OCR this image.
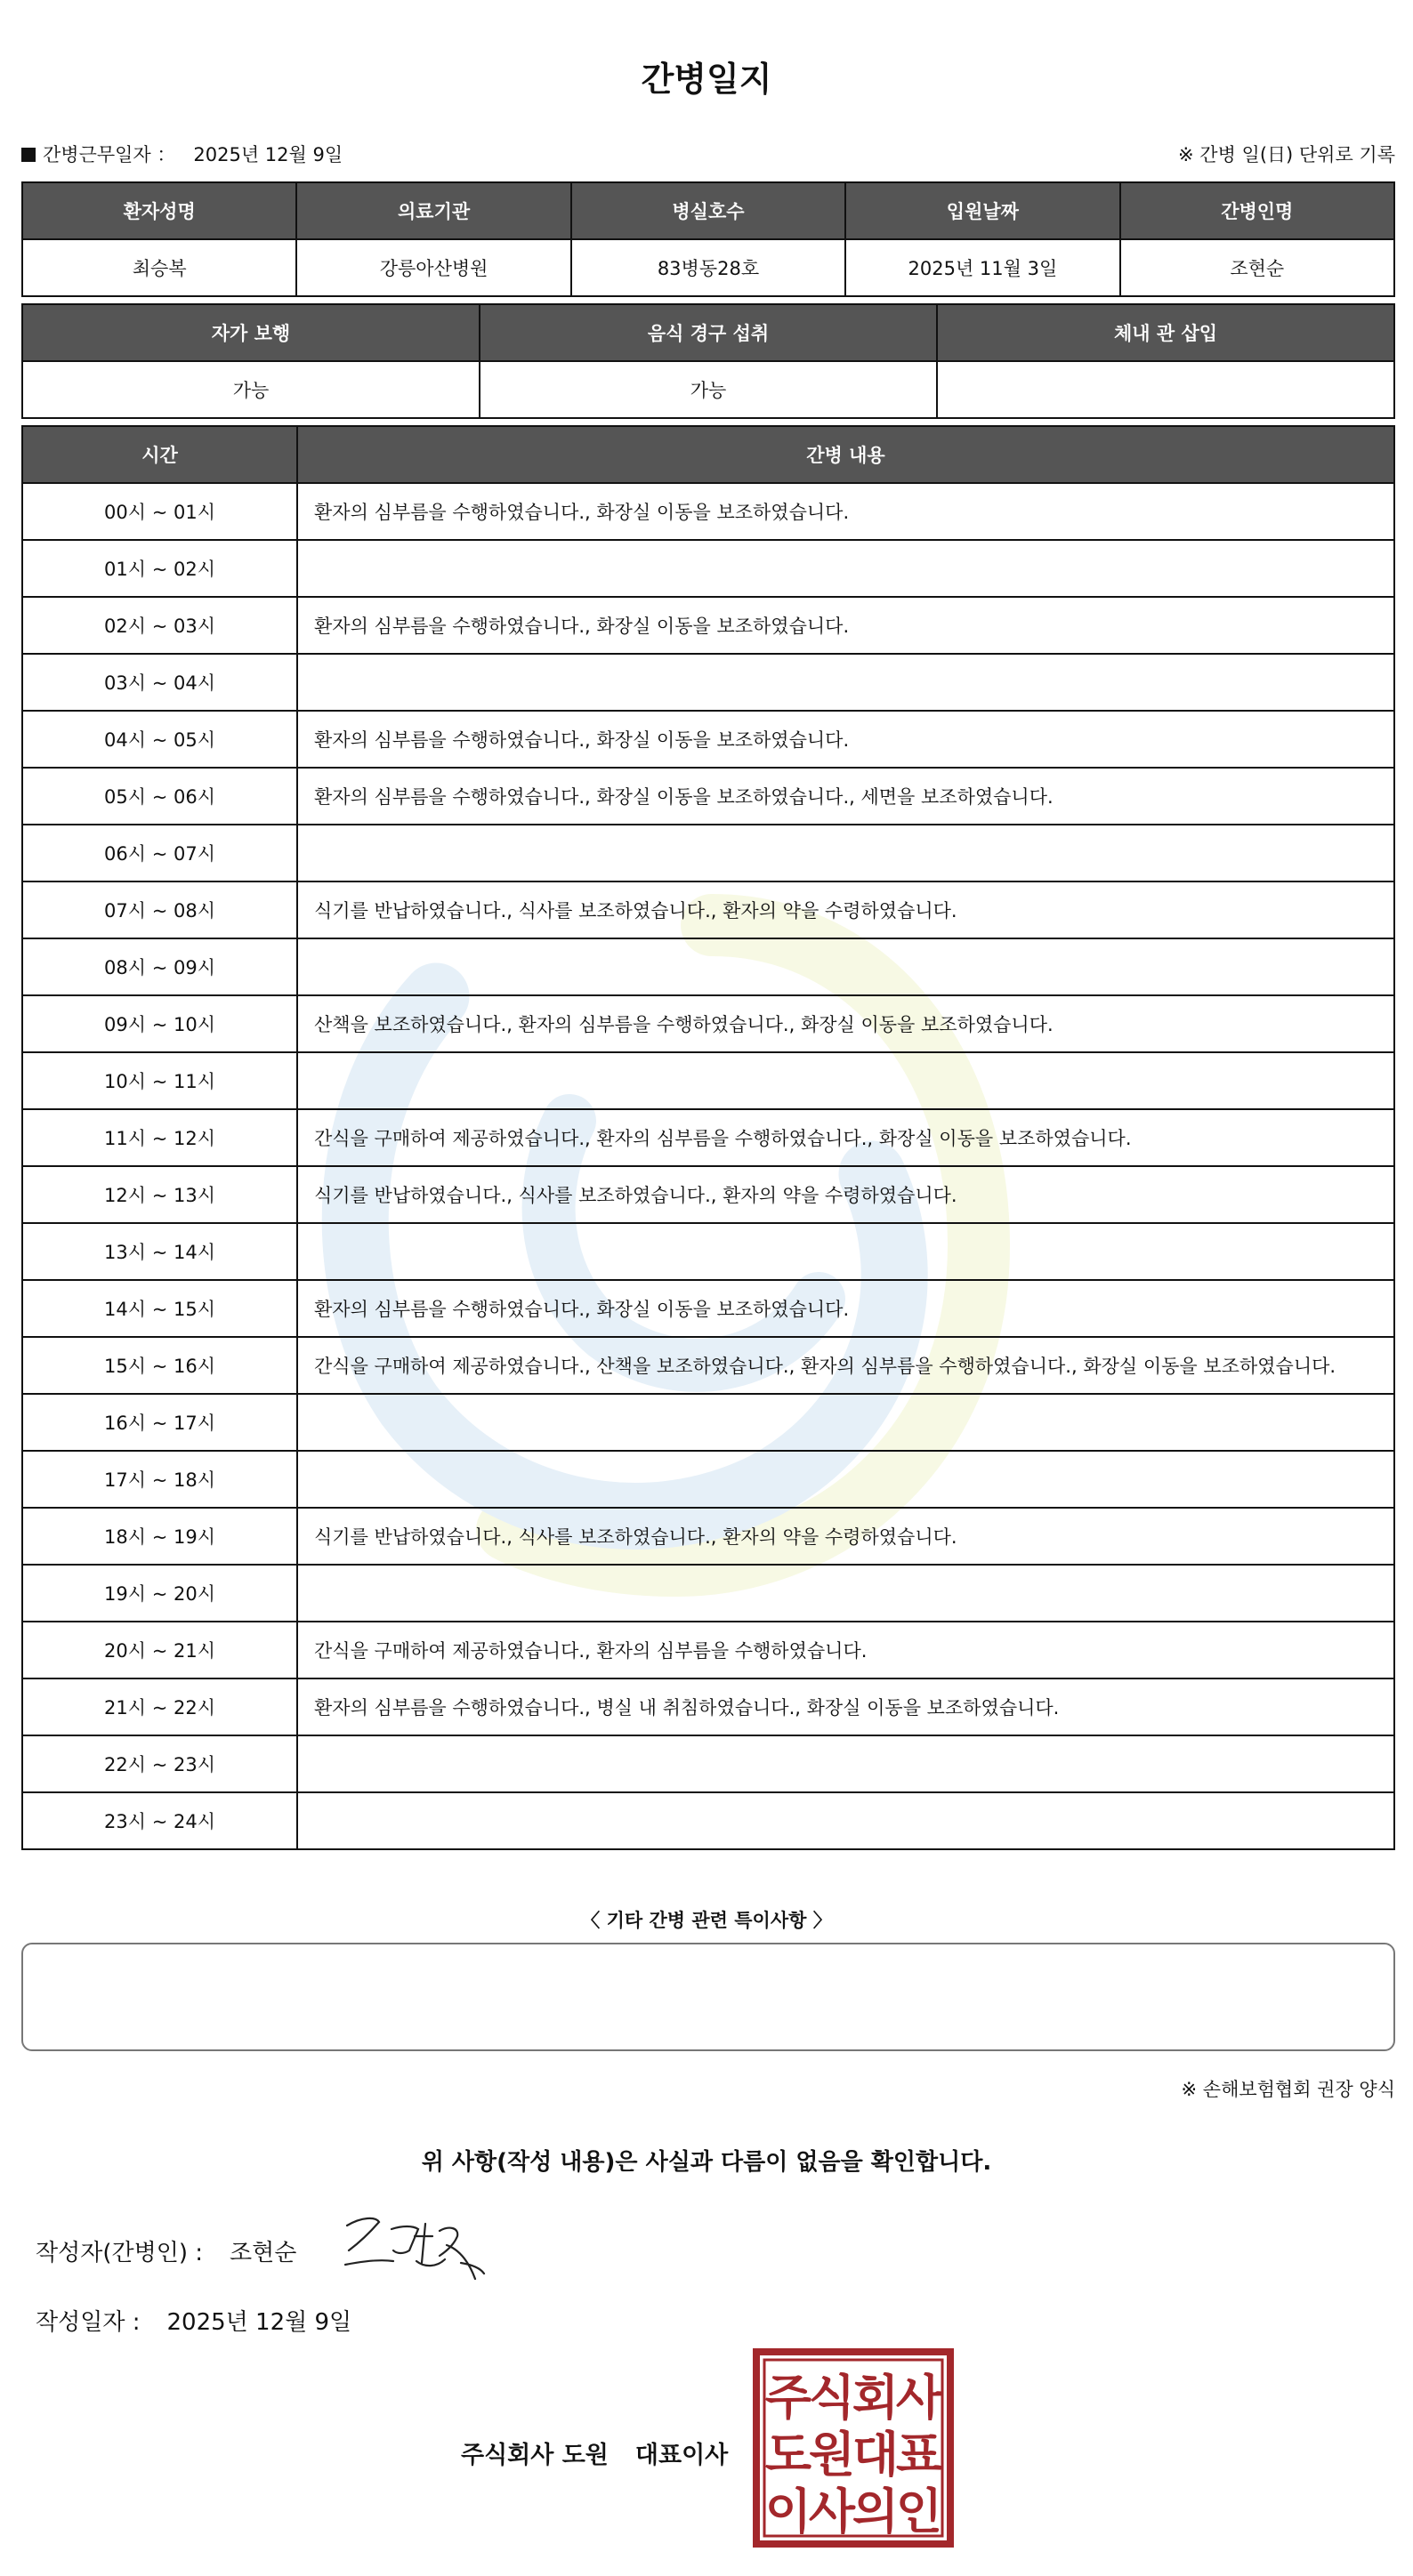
간병일지
간병근무일자 ： 2025년 12월 9일	※ 간병 일(日) 단위로 기록
환자성명	의료기관	병실호수	입원날짜	간병인명
최승복	강릉아산병원	83병동28호	2025년 11월 3일	조현순
자가 보행	음식 경구 섭취	체내 관 삽입
가능	가능	
시간	간병 내용
00시 ~ 01시	환자의 심부름을 수행하였습니다., 화장실 이동을 보조하였습니다.
01시 ~ 02시	
02시 ~ 03시	환자의 심부름을 수행하였습니다., 화장실 이동을 보조하였습니다.
03시 ~ 04시	
04시 ~ 05시	환자의 심부름을 수행하였습니다., 화장실 이동을 보조하였습니다.
05시 ~ 06시	환자의 심부름을 수행하였습니다., 화장실 이동을 보조하였습니다., 세면을 보조하였습니다.
06시 ~ 07시	
07시 ~ 08시	식기를 반납하였습니다., 식사를 보조하였습니다., 환자의 약을 수령하였습니다.
08시 ~ 09시	
09시 ~ 10시	산책을 보조하였습니다., 환자의 심부름을 수행하였습니다., 화장실 이동을 보조하였습니다.
10시 ~ 11시	
11시 ~ 12시	간식을 구매하여 제공하였습니다., 환자의 심부름을 수행하였습니다., 화장실 이동을 보조하였습니다.
12시 ~ 13시	식기를 반납하였습니다., 식사를 보조하였습니다., 환자의 약을 수령하였습니다.
13시 ~ 14시	
14시 ~ 15시	환자의 심부름을 수행하였습니다., 화장실 이동을 보조하였습니다.
15시 ~ 16시	간식을 구매하여 제공하였습니다., 산책을 보조하였습니다., 환자의 심부름을 수행하였습니다., 화장실 이동을 보조하였습니다.
16시 ~ 17시	
17시 ~ 18시	
18시 ~ 19시	식기를 반납하였습니다., 식사를 보조하였습니다., 환자의 약을 수령하였습니다.
19시 ~ 20시	
20시 ~ 21시	간식을 구매하여 제공하였습니다., 환자의 심부름을 수행하였습니다.
21시 ~ 22시	환자의 심부름을 수행하였습니다., 병실 내 취침하였습니다., 화장실 이동을 보조하였습니다.
22시 ~ 23시	
23시 ~ 24시	
〈 기타 간병 관련 특이사항 〉
※ 손해보험협회 권장 양식
위 사항(작성 내용)은 사실과 다름이 없음을 확인합니다.
작성자(간병인) : 조현순
작성일자 : 2025년 12월 9일
주식회사 도원 대표이사
주
식
회
사
도
원
대
표
이
사
의
인
